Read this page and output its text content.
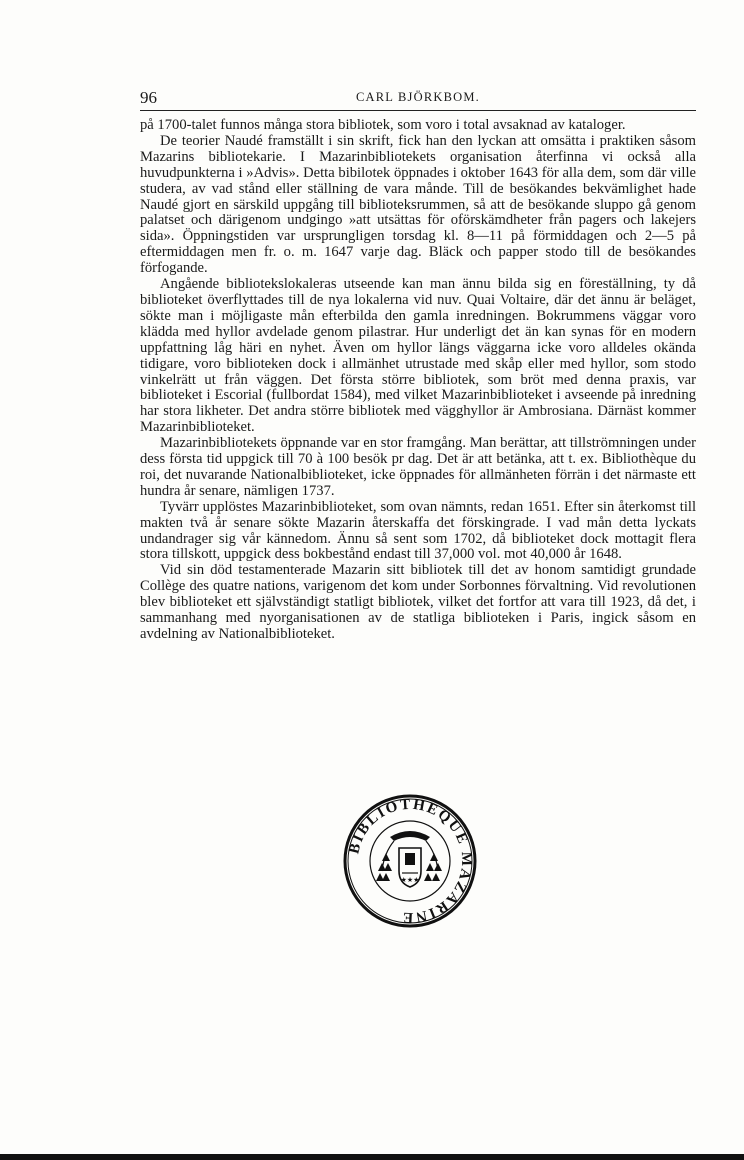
96	CARL BJÖRKBOM.

på 1700-talet funnos många stora bibliotek, som voro i total avsaknad av kataloger.

De teorier Naudé framställt i sin skrift, fick han den lyckan att omsätta i praktiken såsom Mazarins bibliotekarie. I Mazarinbibliotekets organisation återfinna vi också alla huvudpunkterna i »Advis». Detta bibilotek öppnades i oktober 1643 för alla dem, som där ville studera, av vad stånd eller ställning de vara månde. Till de besökandes bekvämlighet hade Naudé gjort en särskild uppgång till biblioteksrummen, så att de besökande sluppo gå genom palatset och därigenom undgingo »att utsättas för oförskämdheter från pagers och lakejers sida». Öppningstiden var ursprungligen torsdag kl. 8—11 på förmiddagen och 2—5 på eftermiddagen men fr. o. m. 1647 varje dag. Bläck och papper stodo till de besökandes förfogande.

Angående bibliotekslokaleras utseende kan man ännu bilda sig en föreställning, ty då biblioteket överflyttades till de nya lokalerna vid nuv. Quai Voltaire, där det ännu är beläget, sökte man i möjligaste mån efterbilda den gamla inredningen. Bokrummens väggar voro klädda med hyllor avdelade genom pilastrar. Hur underligt det än kan synas för en modern uppfattning låg häri en nyhet. Även om hyllor längs väggarna icke voro alldeles okända tidigare, voro biblioteken dock i allmänhet utrustade med skåp eller med hyllor, som stodo vinkelrätt ut från väggen. Det första större bibliotek, som bröt med denna praxis, var biblioteket i Escorial (fullbordat 1584), med vilket Mazarinbiblioteket i avseende på inredning har stora likheter. Det andra större bibliotek med vägghyllor är Ambrosiana. Därnäst kommer Mazarinbiblioteket.

Mazarinbibliotekets öppnande var en stor framgång. Man berättar, att tillströmningen under dess första tid uppgick till 70 à 100 besök pr dag. Det är att betänka, att t. ex. Bibliothèque du roi, det nuvarande Nationalbiblioteket, icke öppnades för allmänheten förrän i det närmaste ett hundra år senare, nämligen 1737.

Tyvärr upplöstes Mazarinbiblioteket, som ovan nämnts, redan 1651. Efter sin återkomst till makten två år senare sökte Mazarin återskaffa det förskingrade. I vad mån detta lyckats undandrager sig vår kännedom. Ännu så sent som 1702, då biblioteket dock mottagit flera stora tillskott, uppgick dess bokbestånd endast till 37,000 vol. mot 40,000 år 1648.

Vid sin död testamenterade Mazarin sitt bibliotek till det av honom samtidigt grundade Collège des quatre nations, varigenom det kom under Sorbonnes förvaltning. Vid revolutionen blev biblioteket ett självständigt statligt bibliotek, vilket det fortfor att vara till 1923, då det, i sammanhang med nyorganisationen av de statliga biblioteken i Paris, ingick såsom en avdelning av Nationalbiblioteket.

BIBLIOTHEQUE MAZARINE
★★★
